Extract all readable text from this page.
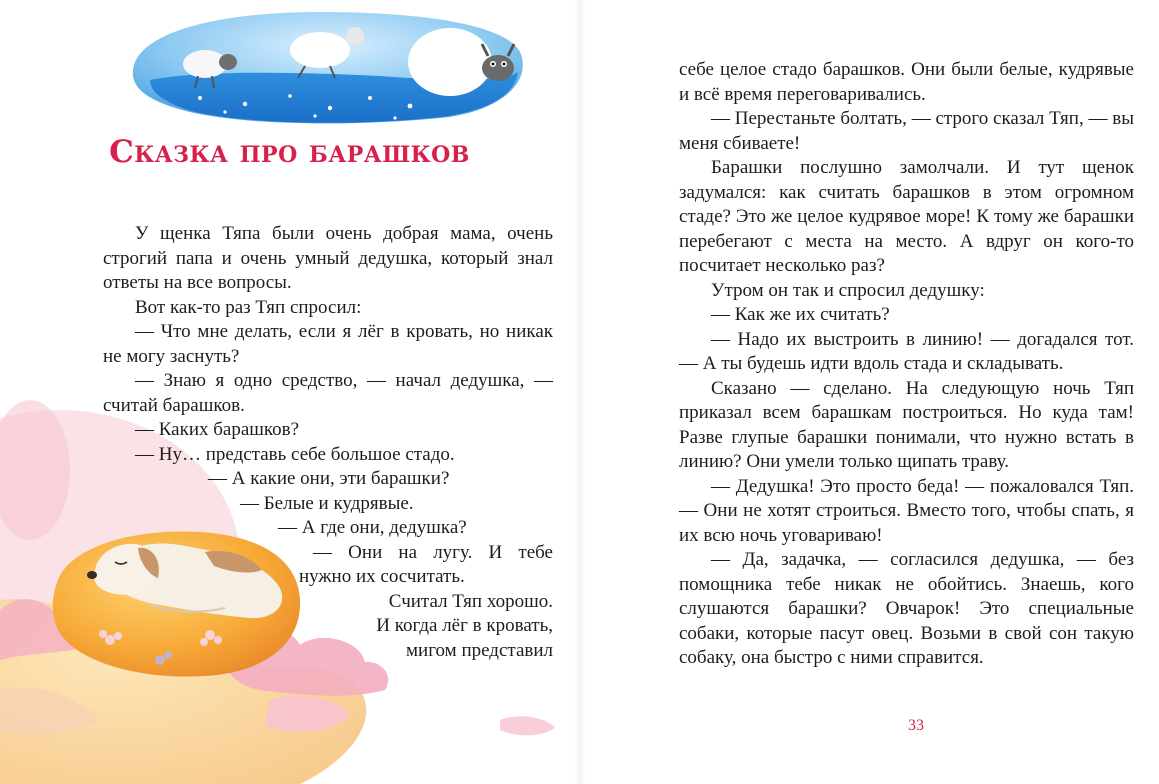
Сказка про барашков

У щенка Тяпа были очень добрая мама, очень строгий папа и очень умный дедушка, который знал ответы на все вопросы.

Вот как-то раз Тяп спросил:

— Что мне делать, если я лёг в кровать, но никак не могу заснуть?

— Знаю я одно средство, — начал дедушка, — считай барашков.

— Каких барашков?

— Ну… представь себе большое стадо.

— А какие они, эти барашки?

— Белые и кудрявые.

— А где они, дедушка?

— Они на лугу. И тебе

нужно их сосчитать.

Считал Тяп хорошо.

И когда лёг в кровать,

мигом представил

себе целое стадо барашков. Они были белые, кудрявые и всё время переговаривались.

— Перестаньте болтать, — строго сказал Тяп, — вы меня сбиваете!

Барашки послушно замолчали. И тут щенок задумался: как считать барашков в этом огромном стаде? Это же целое кудрявое море! К тому же барашки перебегают с места на место. А вдруг он кого-то посчитает несколько раз?

Утром он так и спросил дедушку:

— Как же их считать?

— Надо их выстроить в линию! — догадался тот. — А ты будешь идти вдоль стада и складывать.

Сказано — сделано. На следующую ночь Тяп приказал всем барашкам построиться. Но куда там! Разве глупые барашки понимали, что нужно встать в линию? Они умели только щипать траву.

— Дедушка! Это просто беда! — пожаловался Тяп. — Они не хотят строиться. Вместо того, чтобы спать, я их всю ночь уговариваю!

— Да, задачка, — согласился дедушка, — без помощника тебе никак не обойтись. Знаешь, кого слушаются барашки? Овчарок! Это специальные собаки, которые пасут овец. Возьми в свой сон такую собаку, она быстро с ними справится.

33
